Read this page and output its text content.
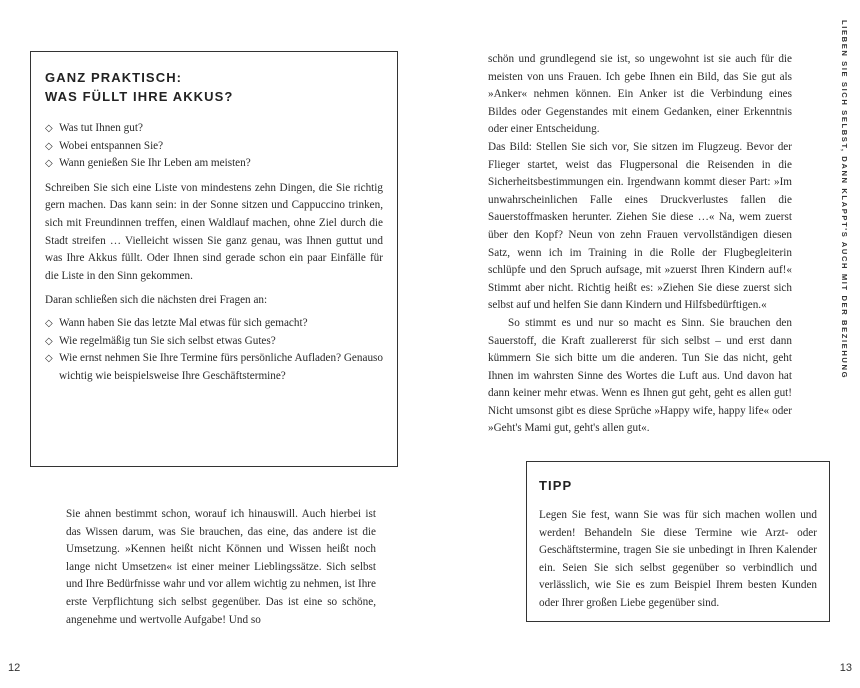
GANZ PRAKTISCH:
WAS FÜLLT IHRE AKKUS?

◇ Was tut Ihnen gut?

◇ Wobei entspannen Sie?

◇ Wann genießen Sie Ihr Leben am meisten?

Schreiben Sie sich eine Liste von mindestens zehn Dingen, die Sie richtig gern machen. Das kann sein: in der Sonne sitzen und Cappuccino trinken, sich mit Freundinnen treffen, einen Waldlauf machen, ohne Ziel durch die Stadt streifen … Vielleicht wissen Sie ganz genau, was Ihnen guttut und was Ihre Akkus füllt. Oder Ihnen sind gerade schon ein paar Einfälle für die Liste in den Sinn gekommen.

Daran schließen sich die nächsten drei Fragen an:

◇ Wann haben Sie das letzte Mal etwas für sich gemacht?

◇ Wie regelmäßig tun Sie sich selbst etwas Gutes?

◇ Wie ernst nehmen Sie Ihre Termine fürs persönliche Aufladen? Genauso wichtig wie beispielsweise Ihre Geschäftstermine?

Sie ahnen bestimmt schon, worauf ich hinauswill. Auch hierbei ist das Wissen darum, was Sie brauchen, das eine, das andere ist die Umsetzung. »Kennen heißt nicht Können und Wissen heißt noch lange nicht Umsetzen« ist einer meiner Lieblingssätze. Sich selbst und Ihre Bedürfnisse wahr und vor allem wichtig zu nehmen, ist Ihre erste Verpflichtung sich selbst gegenüber. Das ist eine so schöne, angenehme und wertvolle Aufgabe! Und so
12

schön und grundlegend sie ist, so ungewohnt ist sie auch für die meisten von uns Frauen. Ich gebe Ihnen ein Bild, das Sie gut als »Anker« nehmen können. Ein Anker ist die Verbindung eines Bildes oder Gegenstandes mit einem Gedanken, einer Erkenntnis oder einer Entscheidung.

Das Bild: Stellen Sie sich vor, Sie sitzen im Flugzeug. Bevor der Flieger startet, weist das Flugpersonal die Reisenden in die Sicherheitsbestimmungen ein. Irgendwann kommt dieser Part: »Im unwahrscheinlichen Falle eines Druckverlustes fallen die Sauerstoffmasken herunter. Ziehen Sie diese …« Na, wem zuerst über den Kopf? Neun von zehn Frauen vervollständigen diesen Satz, wenn ich im Training in die Rolle der Flugbegleiterin schlüpfe und den Spruch aufsage, mit »zuerst Ihren Kindern auf!« Stimmt aber nicht. Richtig heißt es: »Ziehen Sie diese zuerst sich selbst auf und helfen Sie dann Kindern und Hilfsbedürftigen.«

So stimmt es und nur so macht es Sinn. Sie brauchen den Sauerstoff, die Kraft zuallererst für sich selbst – und erst dann kümmern Sie sich bitte um die anderen. Tun Sie das nicht, geht Ihnen im wahrsten Sinne des Wortes die Luft aus. Und davon hat dann keiner mehr etwas. Wenn es Ihnen gut geht, geht es allen gut! Nicht umsonst gibt es diese Sprüche »Happy wife, happy life« oder »Geht's Mami gut, geht's allen gut«.

TIPP

Legen Sie fest, wann Sie was für sich machen wollen und werden! Behandeln Sie diese Termine wie Arzt- oder Geschäftstermine, tragen Sie sie unbedingt in Ihren Kalender ein. Seien Sie sich selbst gegenüber so verbindlich und verlässlich, wie Sie es zum Beispiel Ihrem besten Kunden oder Ihrer großen Liebe gegenüber sind.

13
LIEBEN SIE SICH SELBST, DANN KLAPPT'S AUCH MIT DER BEZIEHUNG
